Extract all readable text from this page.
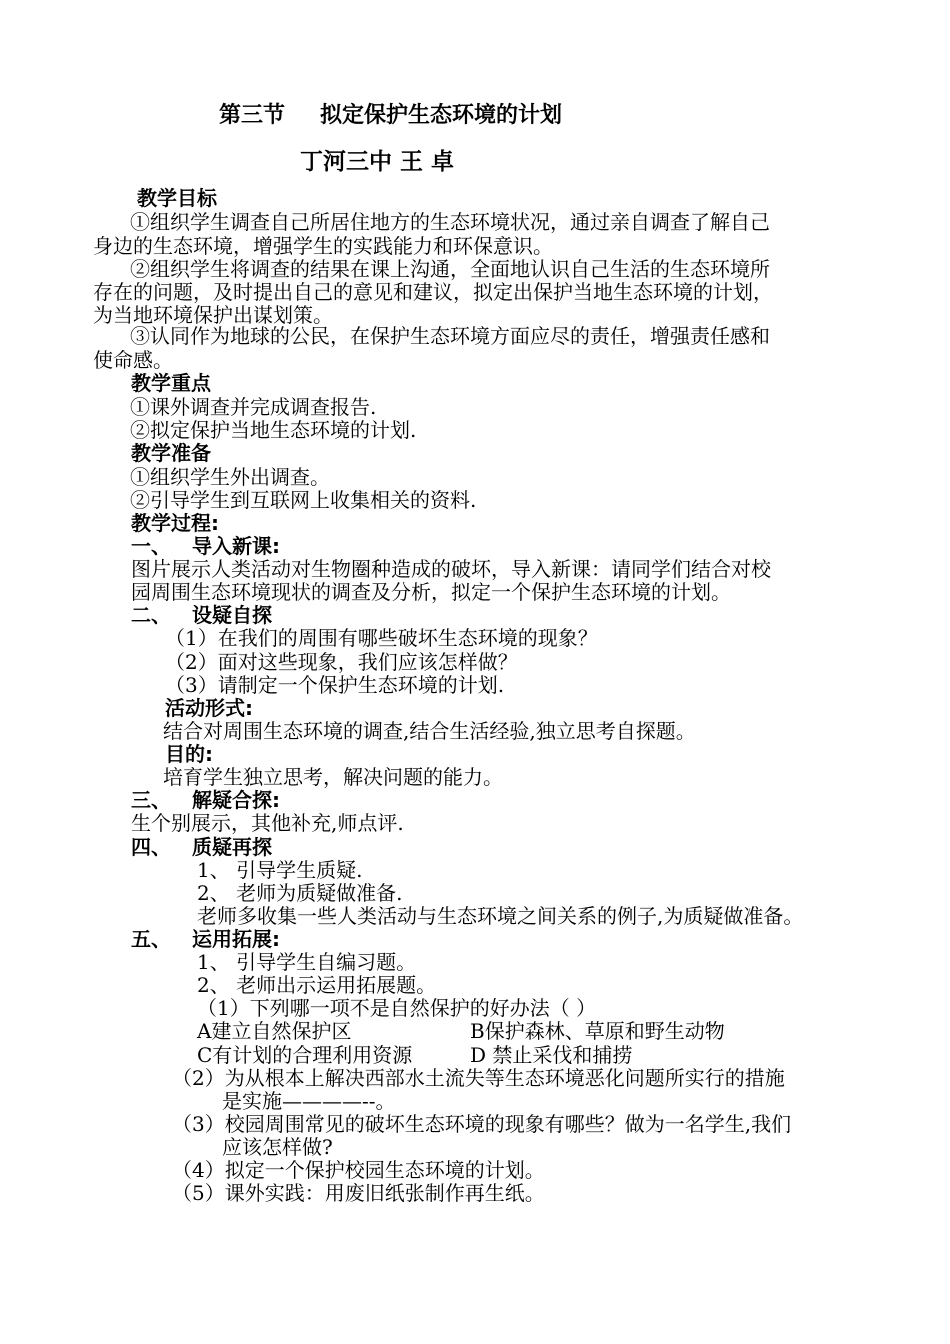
第三节 拟定保护生态环境的计划
丁河三中 王 卓
教学目标
①组织学生调查自己所居住地方的生态环境状况，通过亲自调查了解自己
身边的生态环境，增强学生的实践能力和环保意识。
②组织学生将调查的结果在课上沟通，全面地认识自己生活的生态环境所
存在的问题，及时提出自己的意见和建议，拟定出保护当地生态环境的计划，
为当地环境保护出谋划策。
③认同作为地球的公民，在保护生态环境方面应尽的责任，增强责任感和
使命感。
教学重点
①课外调查并完成调查报告.
②拟定保护当地生态环境的计划.
教学准备
①组织学生外出调查。
②引导学生到互联网上收集相关的资料.
教学过程:
一、 导入新课:
图片展示人类活动对生物圈种造成的破坏，导入新课：请同学们结合对校
园周围生态环境现状的调查及分析，拟定一个保护生态环境的计划。
二、 设疑自探
（1）在我们的周围有哪些破坏生态环境的现象？
（2）面对这些现象，我们应该怎样做？
（3）请制定一个保护生态环境的计划.
活动形式:
结合对周围生态环境的调查,结合生活经验,独立思考自探题。
目的:
培育学生独立思考，解决问题的能力。
三、 解疑合探:
生个别展示，其他补充,师点评.
四、 质疑再探
1、 引导学生质疑.
2、 老师为质疑做准备.
老师多收集一些人类活动与生态环境之间关系的例子,为质疑做准备。
五、 运用拓展:
1、 引导学生自编习题。
2、 老师出示运用拓展题。
（1）下列哪一项不是自然保护的好办法（ ）
A建立自然保护区	B保护森林、草原和野生动物
C有计划的合理利用资源	D 禁止采伐和捕捞
（2）为从根本上解决西部水土流失等生态环境恶化问题所实行的措施
是实施————--。
（3）校园周围常见的破坏生态环境的现象有哪些？做为一名学生,我们
应该怎样做?
（4）拟定一个保护校园生态环境的计划。
（5）课外实践：用废旧纸张制作再生纸。
